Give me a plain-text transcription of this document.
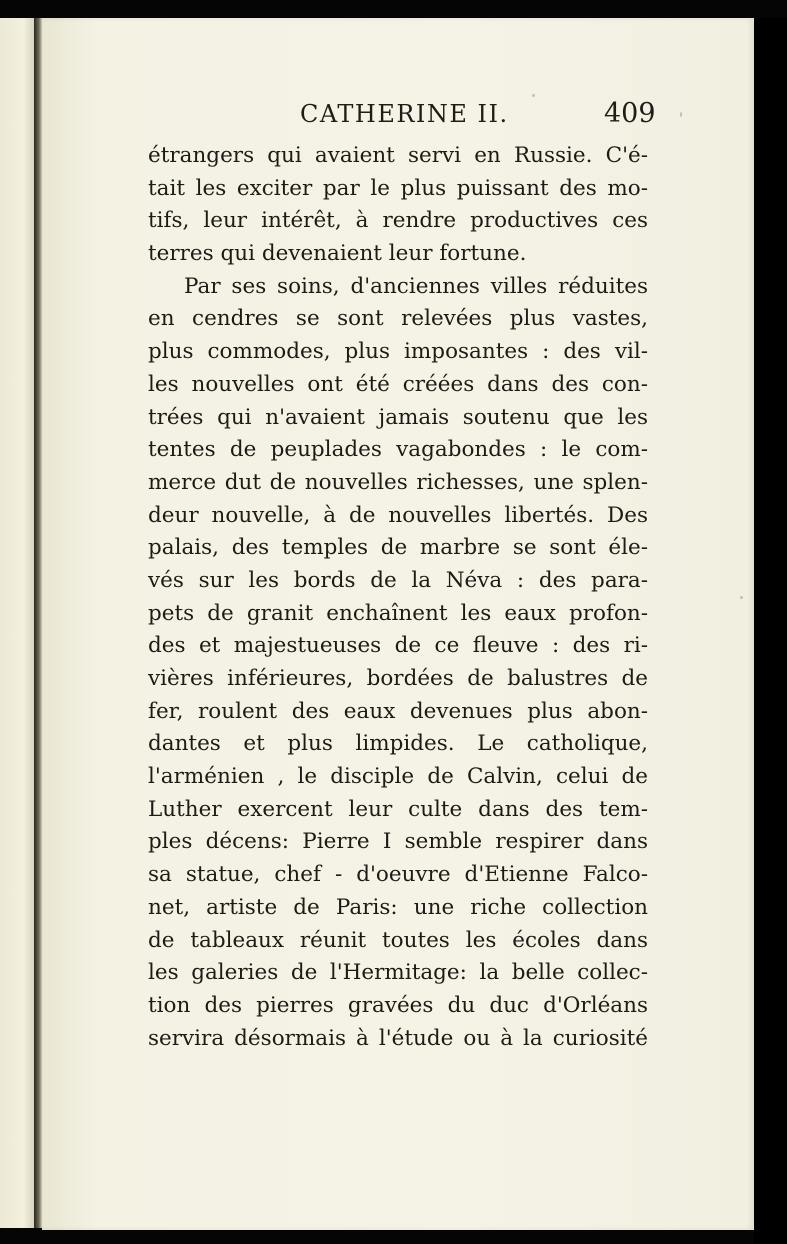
CATHERINE II.	409
étrangers qui avaient servi en Russie. C'é-
tait les exciter par le plus puissant des mo-
tifs, leur intérêt, à rendre productives ces
terres qui devenaient leur fortune.
Par ses soins, d'anciennes villes réduites
en cendres se sont relevées plus vastes,
plus commodes, plus imposantes : des vil-
les nouvelles ont été créées dans des con-
trées qui n'avaient jamais soutenu que les
tentes de peuplades vagabondes : le com-
merce dut de nouvelles richesses, une splen-
deur nouvelle, à de nouvelles libertés. Des
palais, des temples de marbre se sont éle-
vés sur les bords de la Néva : des para-
pets de granit enchaînent les eaux profon-
des et majestueuses de ce fleuve : des ri-
vières inférieures, bordées de balustres de
fer, roulent des eaux devenues plus abon-
dantes et plus limpides. Le catholique,
l'arménien , le disciple de Calvin, celui de
Luther exercent leur culte dans des tem-
ples décens: Pierre I semble respirer dans
sa statue, chef - d'oeuvre d'Etienne Falco-
net, artiste de Paris: une riche collection
de tableaux réunit toutes les écoles dans
les galeries de l'Hermitage: la belle collec-
tion des pierres gravées du duc d'Orléans
servira désormais à l'étude ou à la curiosité
